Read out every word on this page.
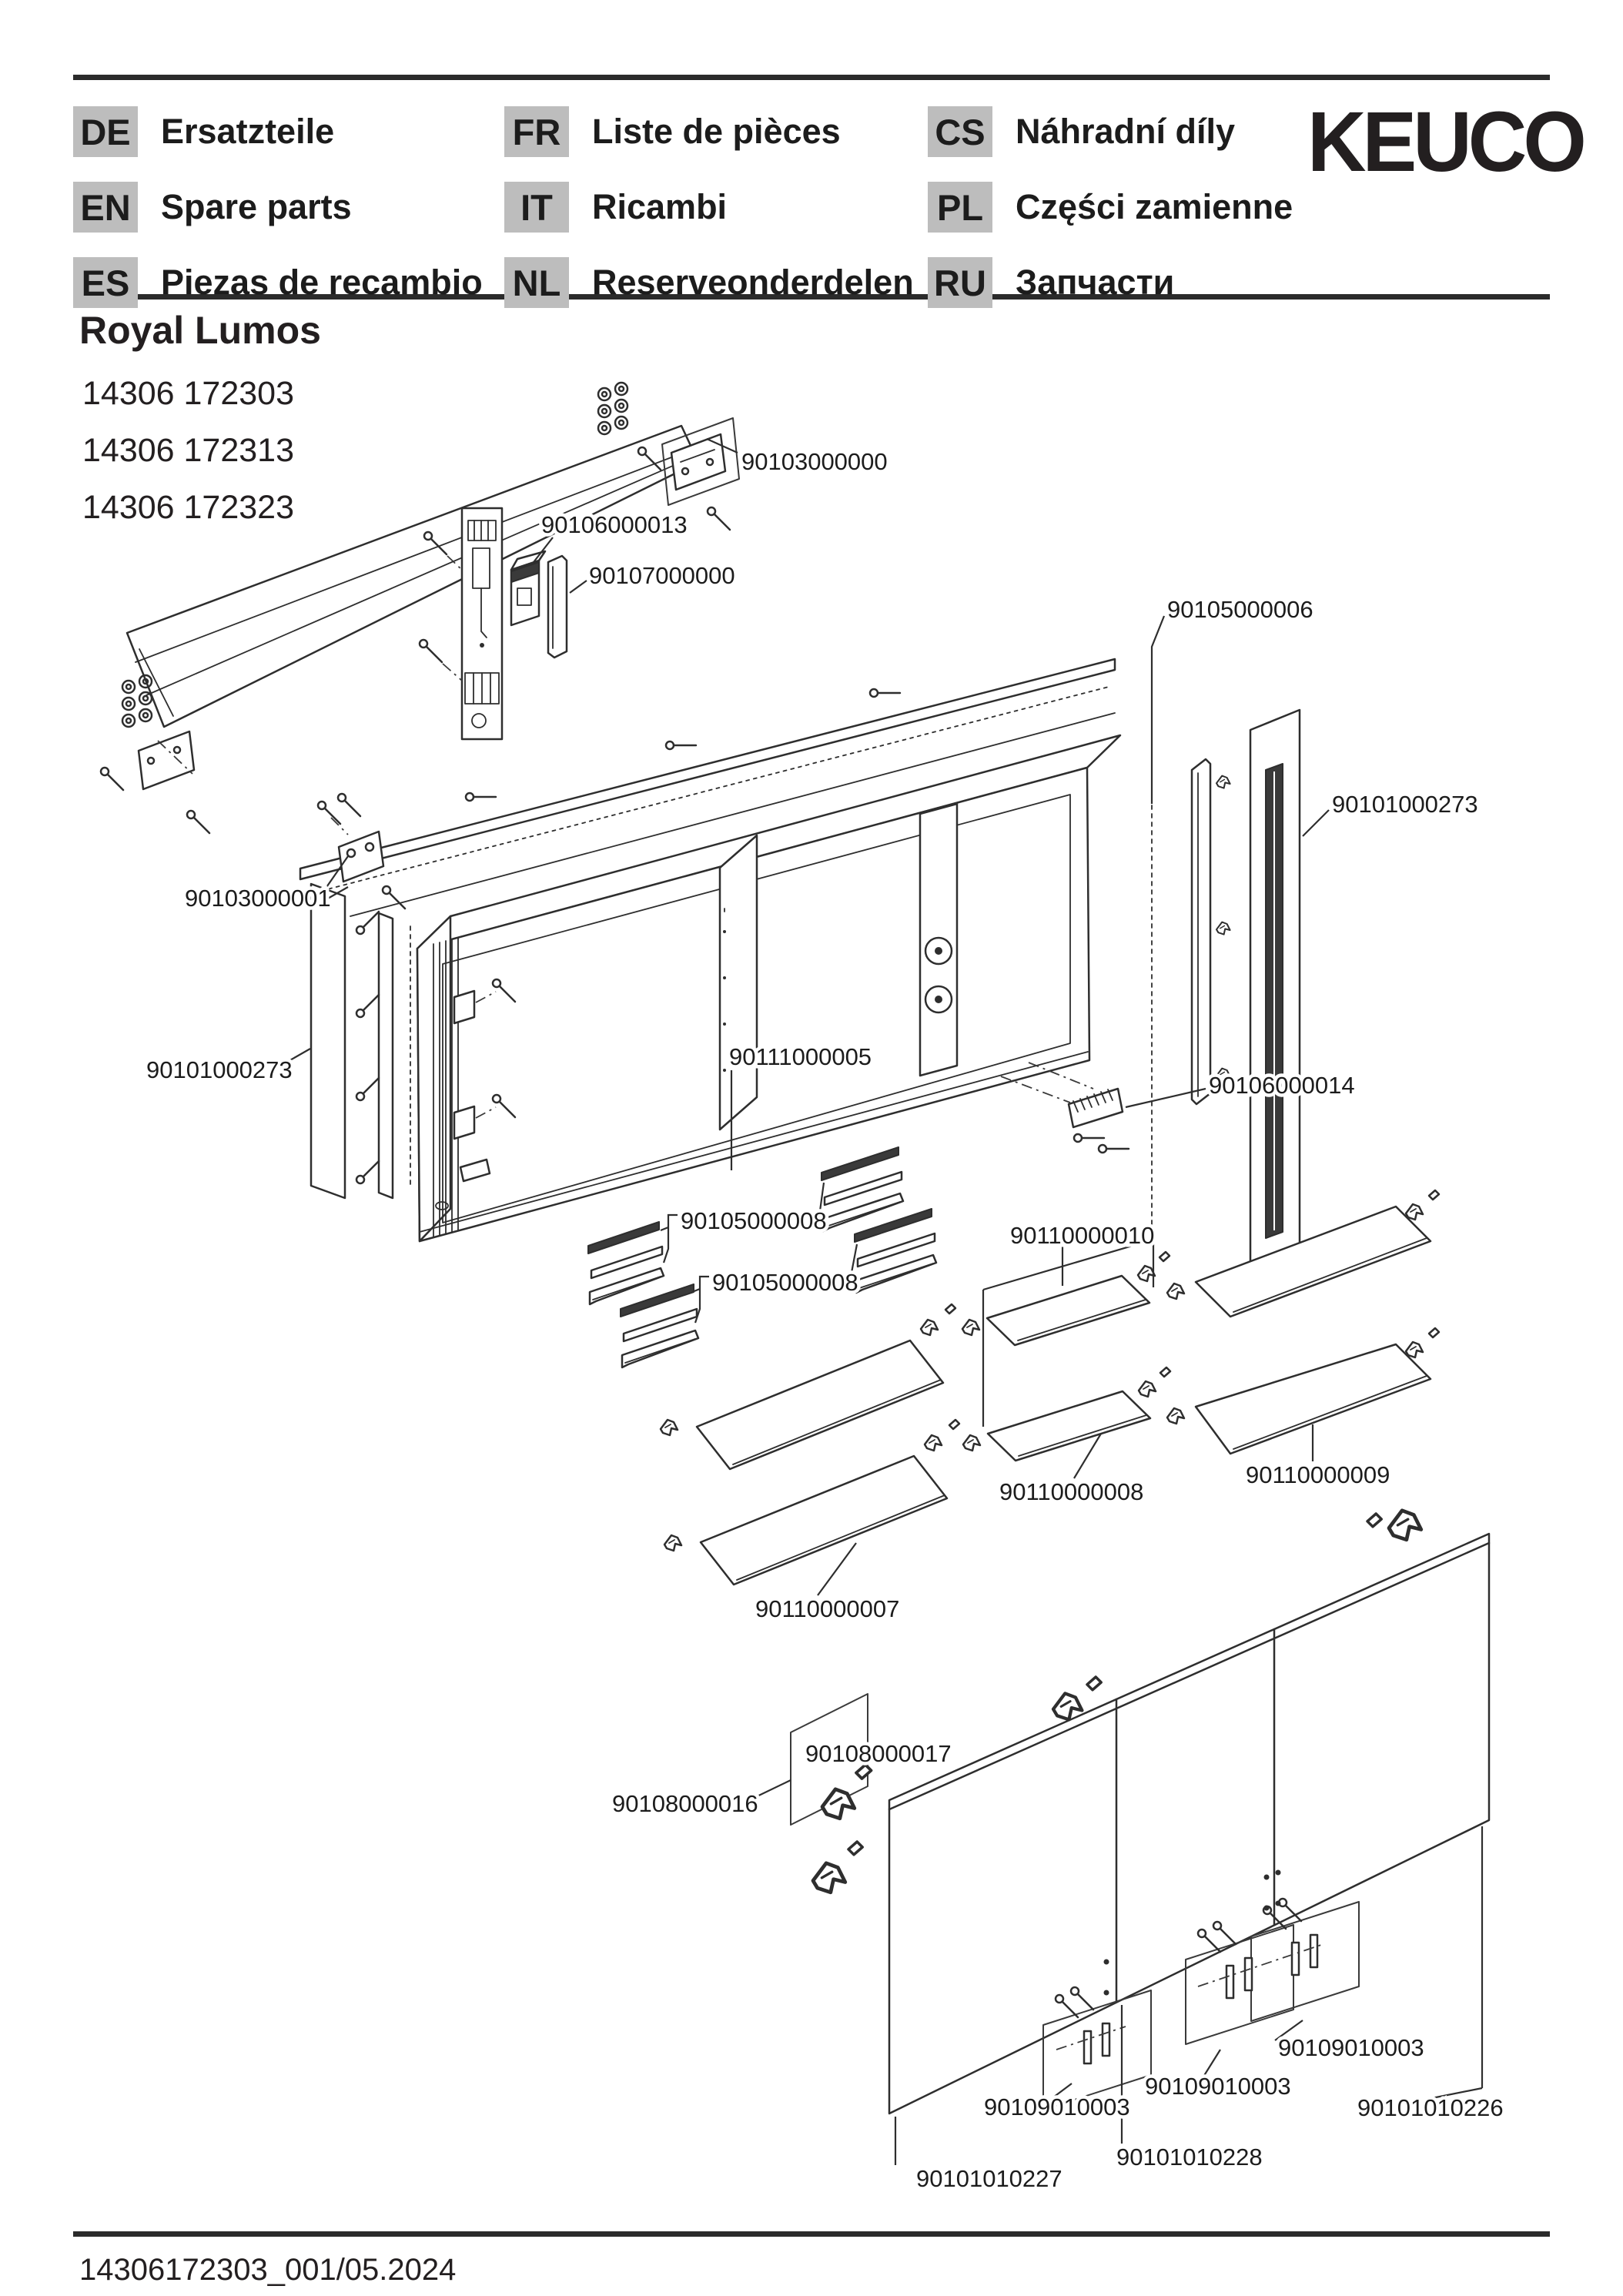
DE Ersatzteile
EN Spare parts
ES Piezas de recambio
FR Liste de pièces
IT	Ricambi
NL Reserveonderdelen
CS Náhradní díly
PL Części zamienne
RU Запчасти
KEUCO
Royal Lumos
14306 172303
14306 172313
14306 172323
14306172303_001/05.2024
90103000000
90106000013
90107000000
90105000006
90101000273
90103000001
90111000005
90101000273
90106000014
90105000008
90105000008
90110000010
90110000009
90110000008
90110000007
90108000017
90108000016
90109010003
90109010003
90109010003	90101010226
90101010228
90101010227
